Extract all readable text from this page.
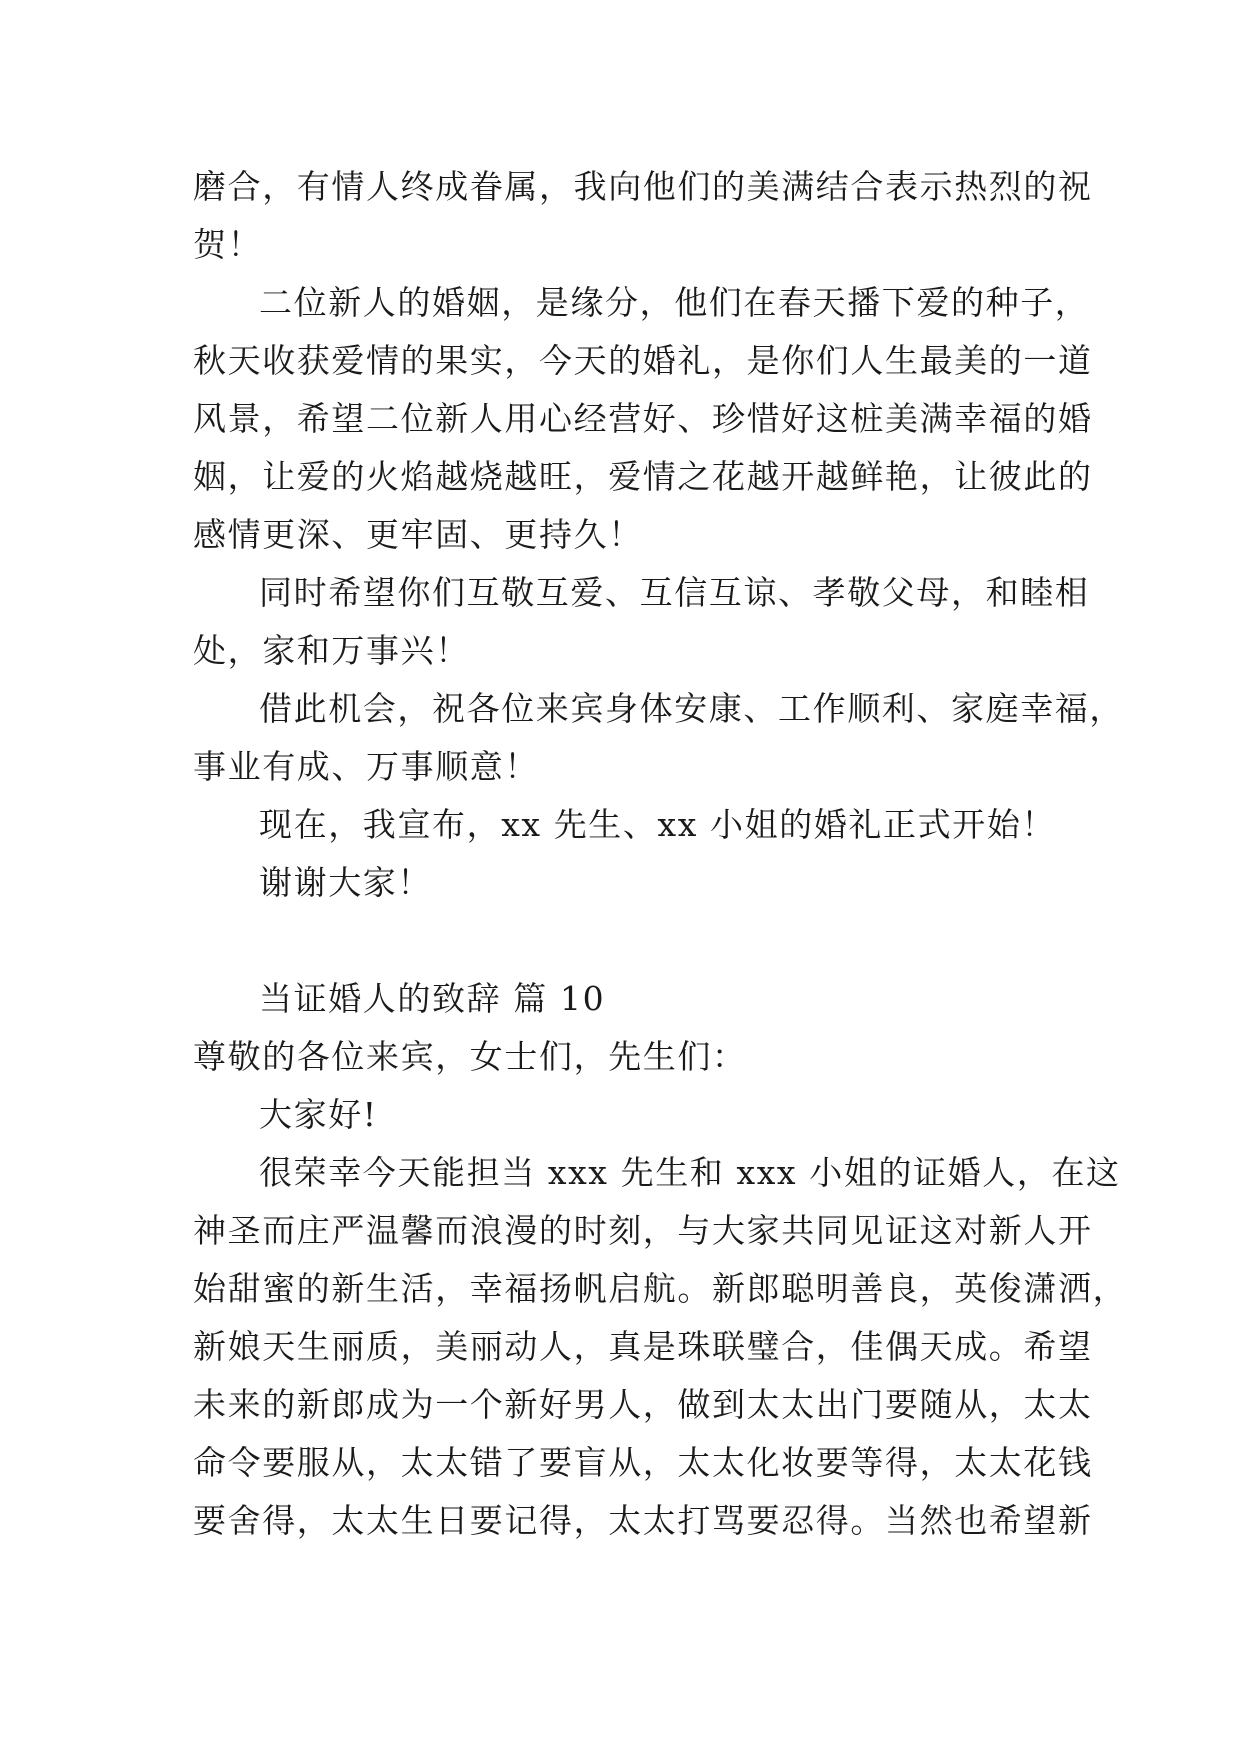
磨合，有情人终成眷属，我向他们的美满结合表示热烈的祝
贺！
二位新人的婚姻，是缘分，他们在春天播下爱的种子，
秋天收获爱情的果实，今天的婚礼，是你们人生最美的一道
风景，希望二位新人用心经营好、珍惜好这桩美满幸福的婚
姻，让爱的火焰越烧越旺，爱情之花越开越鲜艳，让彼此的
感情更深、更牢固、更持久！
同时希望你们互敬互爱、互信互谅、孝敬父母，和睦相
处，家和万事兴！
借此机会，祝各位来宾身体安康、工作顺利、家庭幸福，
事业有成、万事顺意！
现在，我宣布，xx 先生、xx 小姐的婚礼正式开始！
谢谢大家！
当证婚人的致辞 篇 10
尊敬的各位来宾，女士们，先生们：
大家好!
很荣幸今天能担当 xxx 先生和 xxx 小姐的证婚人，在这
神圣而庄严温馨而浪漫的时刻，与大家共同见证这对新人开
始甜蜜的新生活，幸福扬帆启航。新郎聪明善良，英俊潇洒，
新娘天生丽质，美丽动人，真是珠联璧合，佳偶天成。希望
未来的新郎成为一个新好男人，做到太太出门要随从，太太
命令要服从，太太错了要盲从，太太化妆要等得，太太花钱
要舍得，太太生日要记得，太太打骂要忍得。当然也希望新
